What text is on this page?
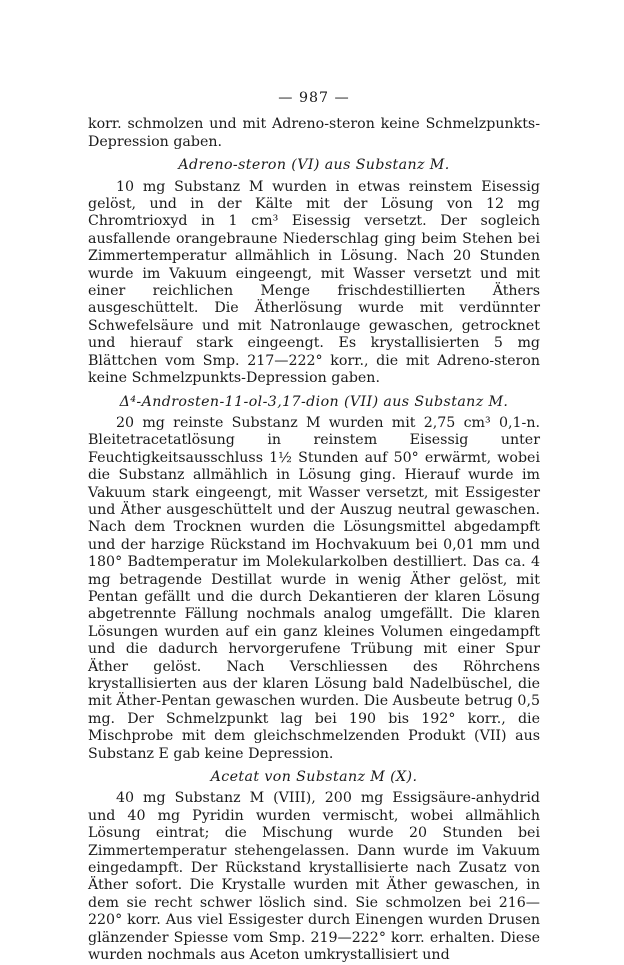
— 987 —

korr. schmolzen und mit Adreno-steron keine Schmelzpunkts-Depression gaben.

Adreno-steron (VI) aus Substanz M.

10 mg Substanz M wurden in etwas reinstem Eisessig gelöst, und in der Kälte mit der Lösung von 12 mg Chromtrioxyd in 1 cm³ Eisessig versetzt. Der sogleich ausfallende orangebraune Niederschlag ging beim Stehen bei Zimmertemperatur allmählich in Lösung. Nach 20 Stunden wurde im Vakuum eingeengt, mit Wasser versetzt und mit einer reichlichen Menge frischdestillierten Äthers ausgeschüttelt. Die Ätherlösung wurde mit verdünnter Schwefelsäure und mit Natronlauge gewaschen, getrocknet und hierauf stark eingeengt. Es krystallisierten 5 mg Blättchen vom Smp. 217—222° korr., die mit Adreno-steron keine Schmelzpunkts-Depression gaben.

Δ⁴-Androsten-11-ol-3,17-dion (VII) aus Substanz M.

20 mg reinste Substanz M wurden mit 2,75 cm³ 0,1-n. Bleitetracetatlösung in reinstem Eisessig unter Feuchtigkeitsausschluss 1½ Stunden auf 50° erwärmt, wobei die Substanz allmählich in Lösung ging. Hierauf wurde im Vakuum stark eingeengt, mit Wasser versetzt, mit Essigester und Äther ausgeschüttelt und der Auszug neutral gewaschen. Nach dem Trocknen wurden die Lösungsmittel abgedampft und der harzige Rückstand im Hochvakuum bei 0,01 mm und 180° Badtemperatur im Molekularkolben destilliert. Das ca. 4 mg betragende Destillat wurde in wenig Äther gelöst, mit Pentan gefällt und die durch Dekantieren der klaren Lösung abgetrennte Fällung nochmals analog umgefällt. Die klaren Lösungen wurden auf ein ganz kleines Volumen eingedampft und die dadurch hervorgerufene Trübung mit einer Spur Äther gelöst. Nach Verschliessen des Röhrchens krystallisierten aus der klaren Lösung bald Nadelbüschel, die mit Äther-Pentan gewaschen wurden. Die Ausbeute betrug 0,5 mg. Der Schmelzpunkt lag bei 190 bis 192° korr., die Mischprobe mit dem gleichschmelzenden Produkt (VII) aus Substanz E gab keine Depression.

Acetat von Substanz M (X).

40 mg Substanz M (VIII), 200 mg Essigsäure-anhydrid und 40 mg Pyridin wurden vermischt, wobei allmählich Lösung eintrat; die Mischung wurde 20 Stunden bei Zimmertemperatur stehengelassen. Dann wurde im Vakuum eingedampft. Der Rückstand krystallisierte nach Zusatz von Äther sofort. Die Krystalle wurden mit Äther gewaschen, in dem sie recht schwer löslich sind. Sie schmolzen bei 216—220° korr. Aus viel Essigester durch Einengen wurden Drusen glänzender Spiesse vom Smp. 219—222° korr. erhalten. Diese wurden nochmals aus Aceton umkrystallisiert und
